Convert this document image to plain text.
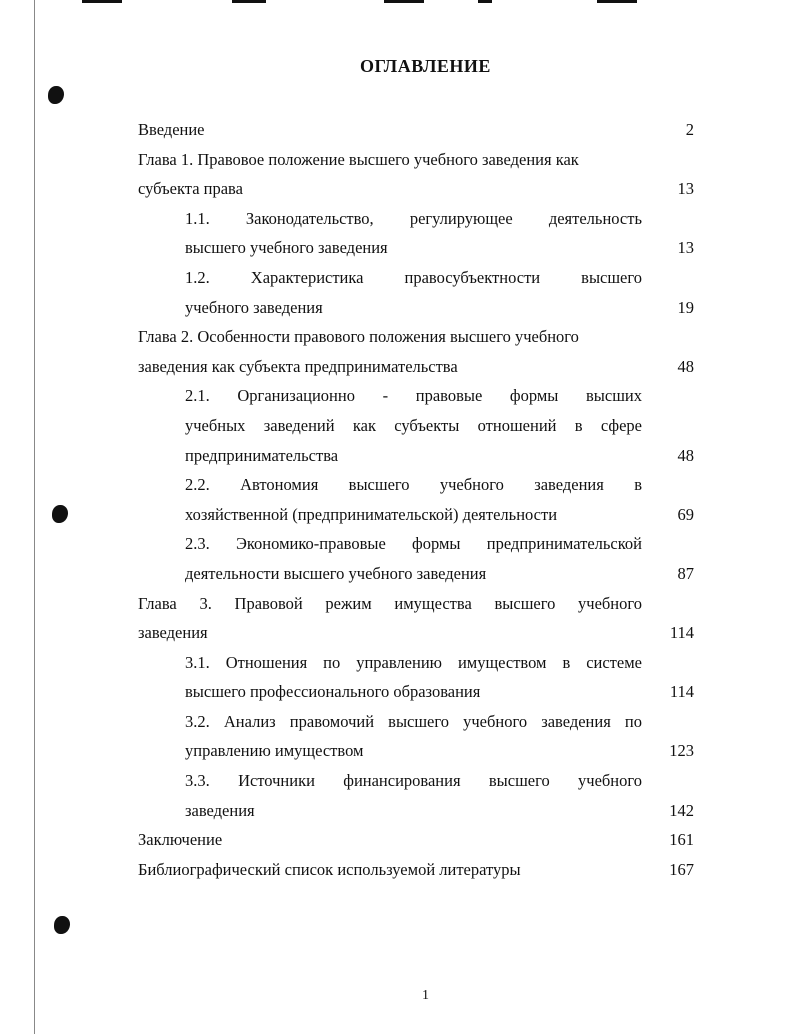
ОГЛАВЛЕНИЕ
Введение	2
Глава 1. Правовое положение высшего учебного заведения как
субъекта права	13
1.1. Законодательство, регулирующее деятельность
высшего учебного заведения	13
1.2. Характеристика правосубъектности высшего
учебного заведения	19
Глава 2. Особенности правового положения высшего учебного
заведения как субъекта предпринимательства	48
2.1. Организационно - правовые формы высших
учебных заведений как субъекты отношений в сфере
предпринимательства	48
2.2. Автономия высшего учебного заведения в
хозяйственной (предпринимательской) деятельности	69
2.3. Экономико-правовые формы предпринимательской
деятельности высшего учебного заведения	87
Глава 3. Правовой режим имущества высшего учебного
заведения	114
3.1. Отношения по управлению имуществом в системе
высшего профессионального образования	114
3.2. Анализ правомочий высшего учебного заведения по
управлению имуществом	123
3.3. Источники финансирования высшего учебного
заведения	142
Заключение	161
Библиографический список используемой литературы	167
1
